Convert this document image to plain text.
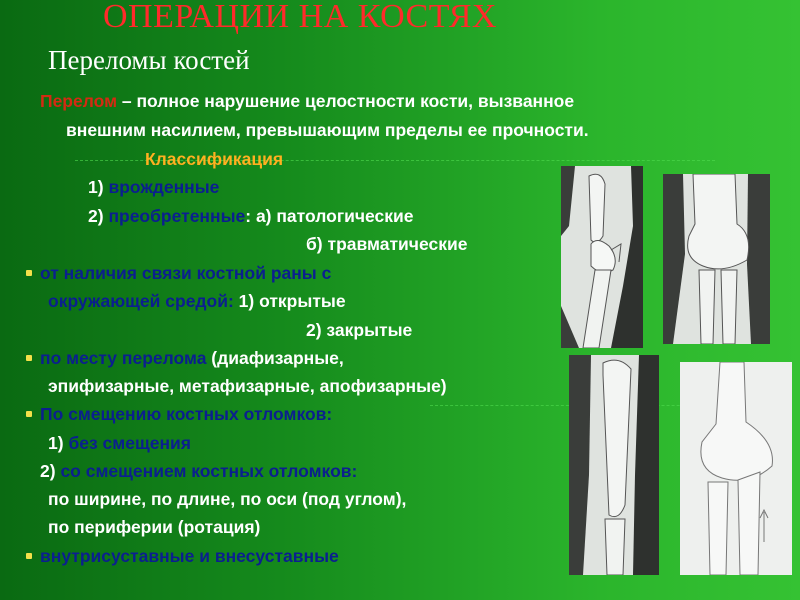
ОПЕРАЦИИ НА КОСТЯХ
Переломы костей
Перелом – полное нарушение целостности кости, вызванное
внешним насилием, превышающим пределы ее прочности.
Классификация
1) врожденные
2) преобретенные: а) патологические
б) травматические
от наличия связи костной раны с
окружающей средой: 1) открытые
2) закрытые
по месту перелома (диафизарные,
эпифизарные, метафизарные, апофизарные)
По смещению костных отломков:
1) без смещения
2) со смещением костных отломков:
по ширине, по длине, по оси (под углом),
по периферии (ротация)
внутрисуставные и внесуставные
